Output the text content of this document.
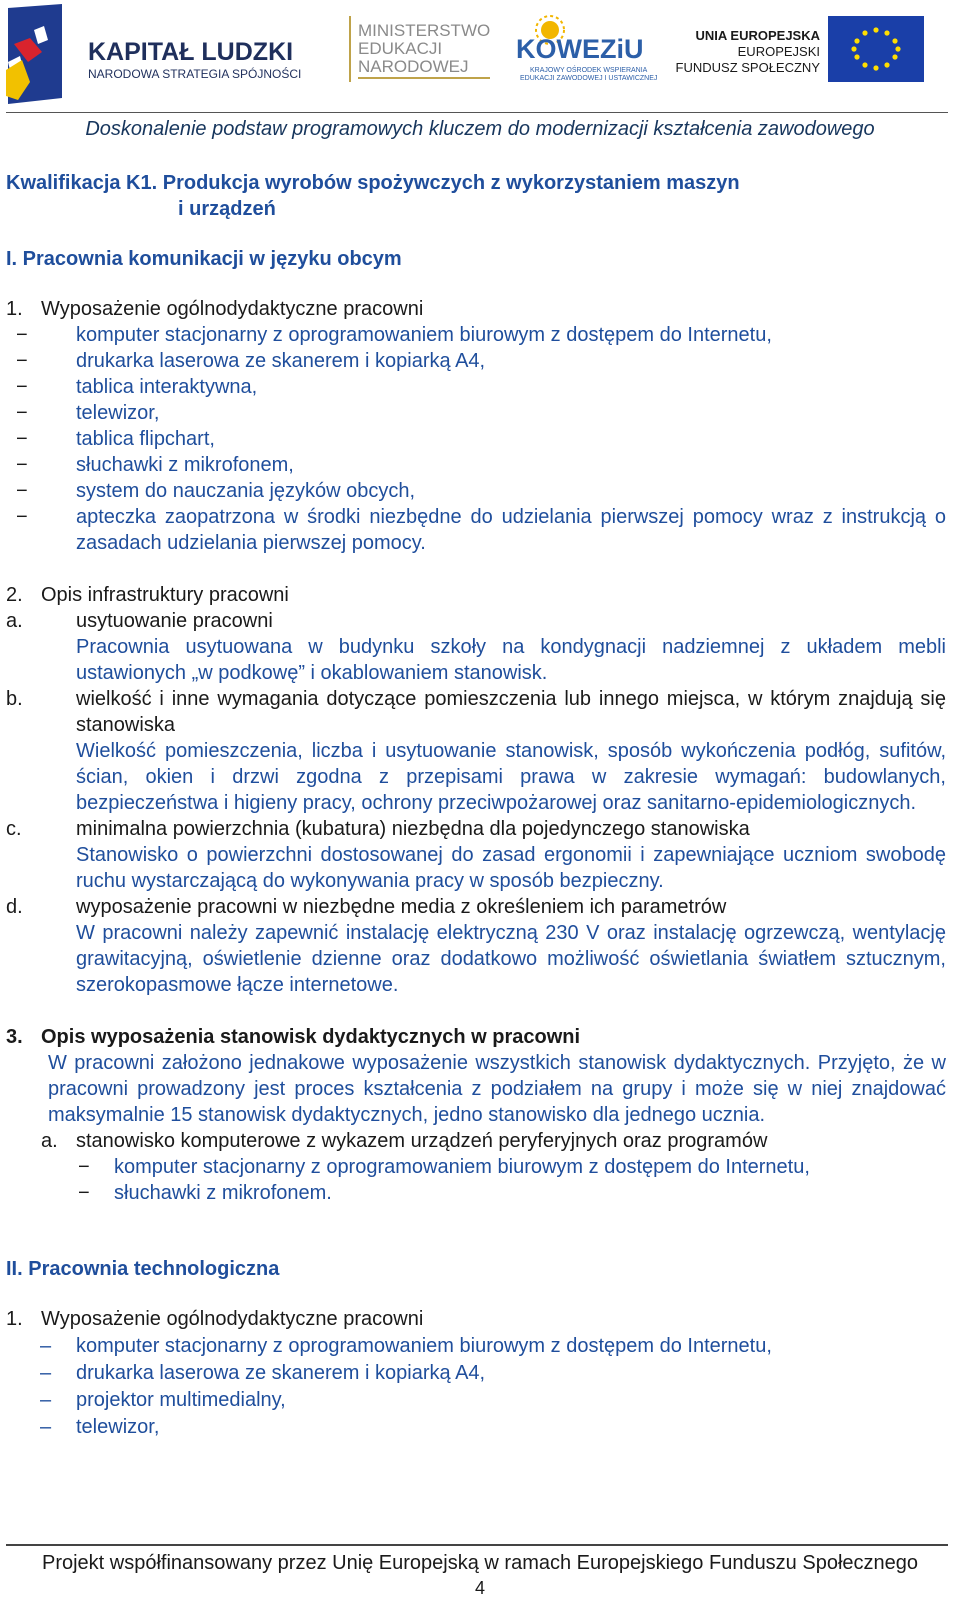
KAPITAŁ LUDZKI
NARODOWA STRATEGIA SPÓJNOŚCI
MINISTERSTWO
EDUKACJI
NARODOWEJ
KOWEZiU
KRAJOWY OŚRODEK WSPIERANIA
EDUKACJI ZAWODOWEJ I USTAWICZNEJ
UNIA EUROPEJSKA
EUROPEJSKI
FUNDUSZ SPOŁECZNY
Doskonalenie podstaw programowych kluczem do modernizacji kształcenia zawodowego
Kwalifikacja K1. Produkcja wyrobów spożywczych z wykorzystaniem maszyn
i urządzeń
I. Pracownia komunikacji w języku obcym
1. Wyposażenie ogólnodydaktyczne pracowni
−	komputer stacjonarny z oprogramowaniem biurowym z dostępem do Internetu,
−	drukarka laserowa ze skanerem i kopiarką A4,
−	tablica interaktywna,
−	telewizor,
−	tablica flipchart,
−	słuchawki z mikrofonem,
−	system do nauczania języków obcych,
−	apteczka zaopatrzona w środki niezbędne do udzielania pierwszej pomocy wraz z instrukcją o zasadach udzielania pierwszej pomocy.
2. Opis infrastruktury pracowni
a.	usytuowanie pracowni
Pracownia usytuowana w budynku szkoły na kondygnacji nadziemnej z układem mebli ustawionych „w podkowę” i okablowaniem stanowisk.
b.	wielkość i inne wymagania dotyczące pomieszczenia lub innego miejsca, w którym znajdują się stanowiska
Wielkość pomieszczenia, liczba i usytuowanie stanowisk, sposób wykończenia podłóg, sufitów, ścian, okien i drzwi zgodna z przepisami prawa w zakresie wymagań: budowlanych, bezpieczeństwa i higieny pracy, ochrony przeciwpożarowej oraz sanitarno-epidemiologicznych.
c.	minimalna powierzchnia (kubatura) niezbędna dla pojedynczego stanowiska
Stanowisko o powierzchni dostosowanej do zasad ergonomii i zapewniające uczniom swobodę ruchu wystarczającą do wykonywania pracy w sposób bezpieczny.
d.	wyposażenie pracowni w niezbędne media z określeniem ich parametrów
W pracowni należy zapewnić instalację elektryczną 230 V oraz instalację ogrzewczą, wentylację grawitacyjną, oświetlenie dzienne oraz dodatkowo możliwość oświetlania światłem sztucznym, szerokopasmowe łącze internetowe.
3. Opis wyposażenia stanowisk dydaktycznych w pracowni
W pracowni założono jednakowe wyposażenie wszystkich stanowisk dydaktycznych. Przyjęto, że w pracowni prowadzony jest proces kształcenia z podziałem na grupy i może się w niej znajdować maksymalnie 15 stanowisk dydaktycznych, jedno stanowisko dla jednego ucznia.
a. stanowisko komputerowe z wykazem urządzeń peryferyjnych oraz programów
−	komputer stacjonarny z oprogramowaniem biurowym z dostępem do Internetu,
−	słuchawki z mikrofonem.
II. Pracownia technologiczna
1. Wyposażenie ogólnodydaktyczne pracowni
–	komputer stacjonarny z oprogramowaniem biurowym z dostępem do Internetu,
–	drukarka laserowa ze skanerem i kopiarką A4,
–	projektor multimedialny,
–	telewizor,
Projekt współfinansowany przez Unię Europejską w ramach Europejskiego Funduszu Społecznego
4
